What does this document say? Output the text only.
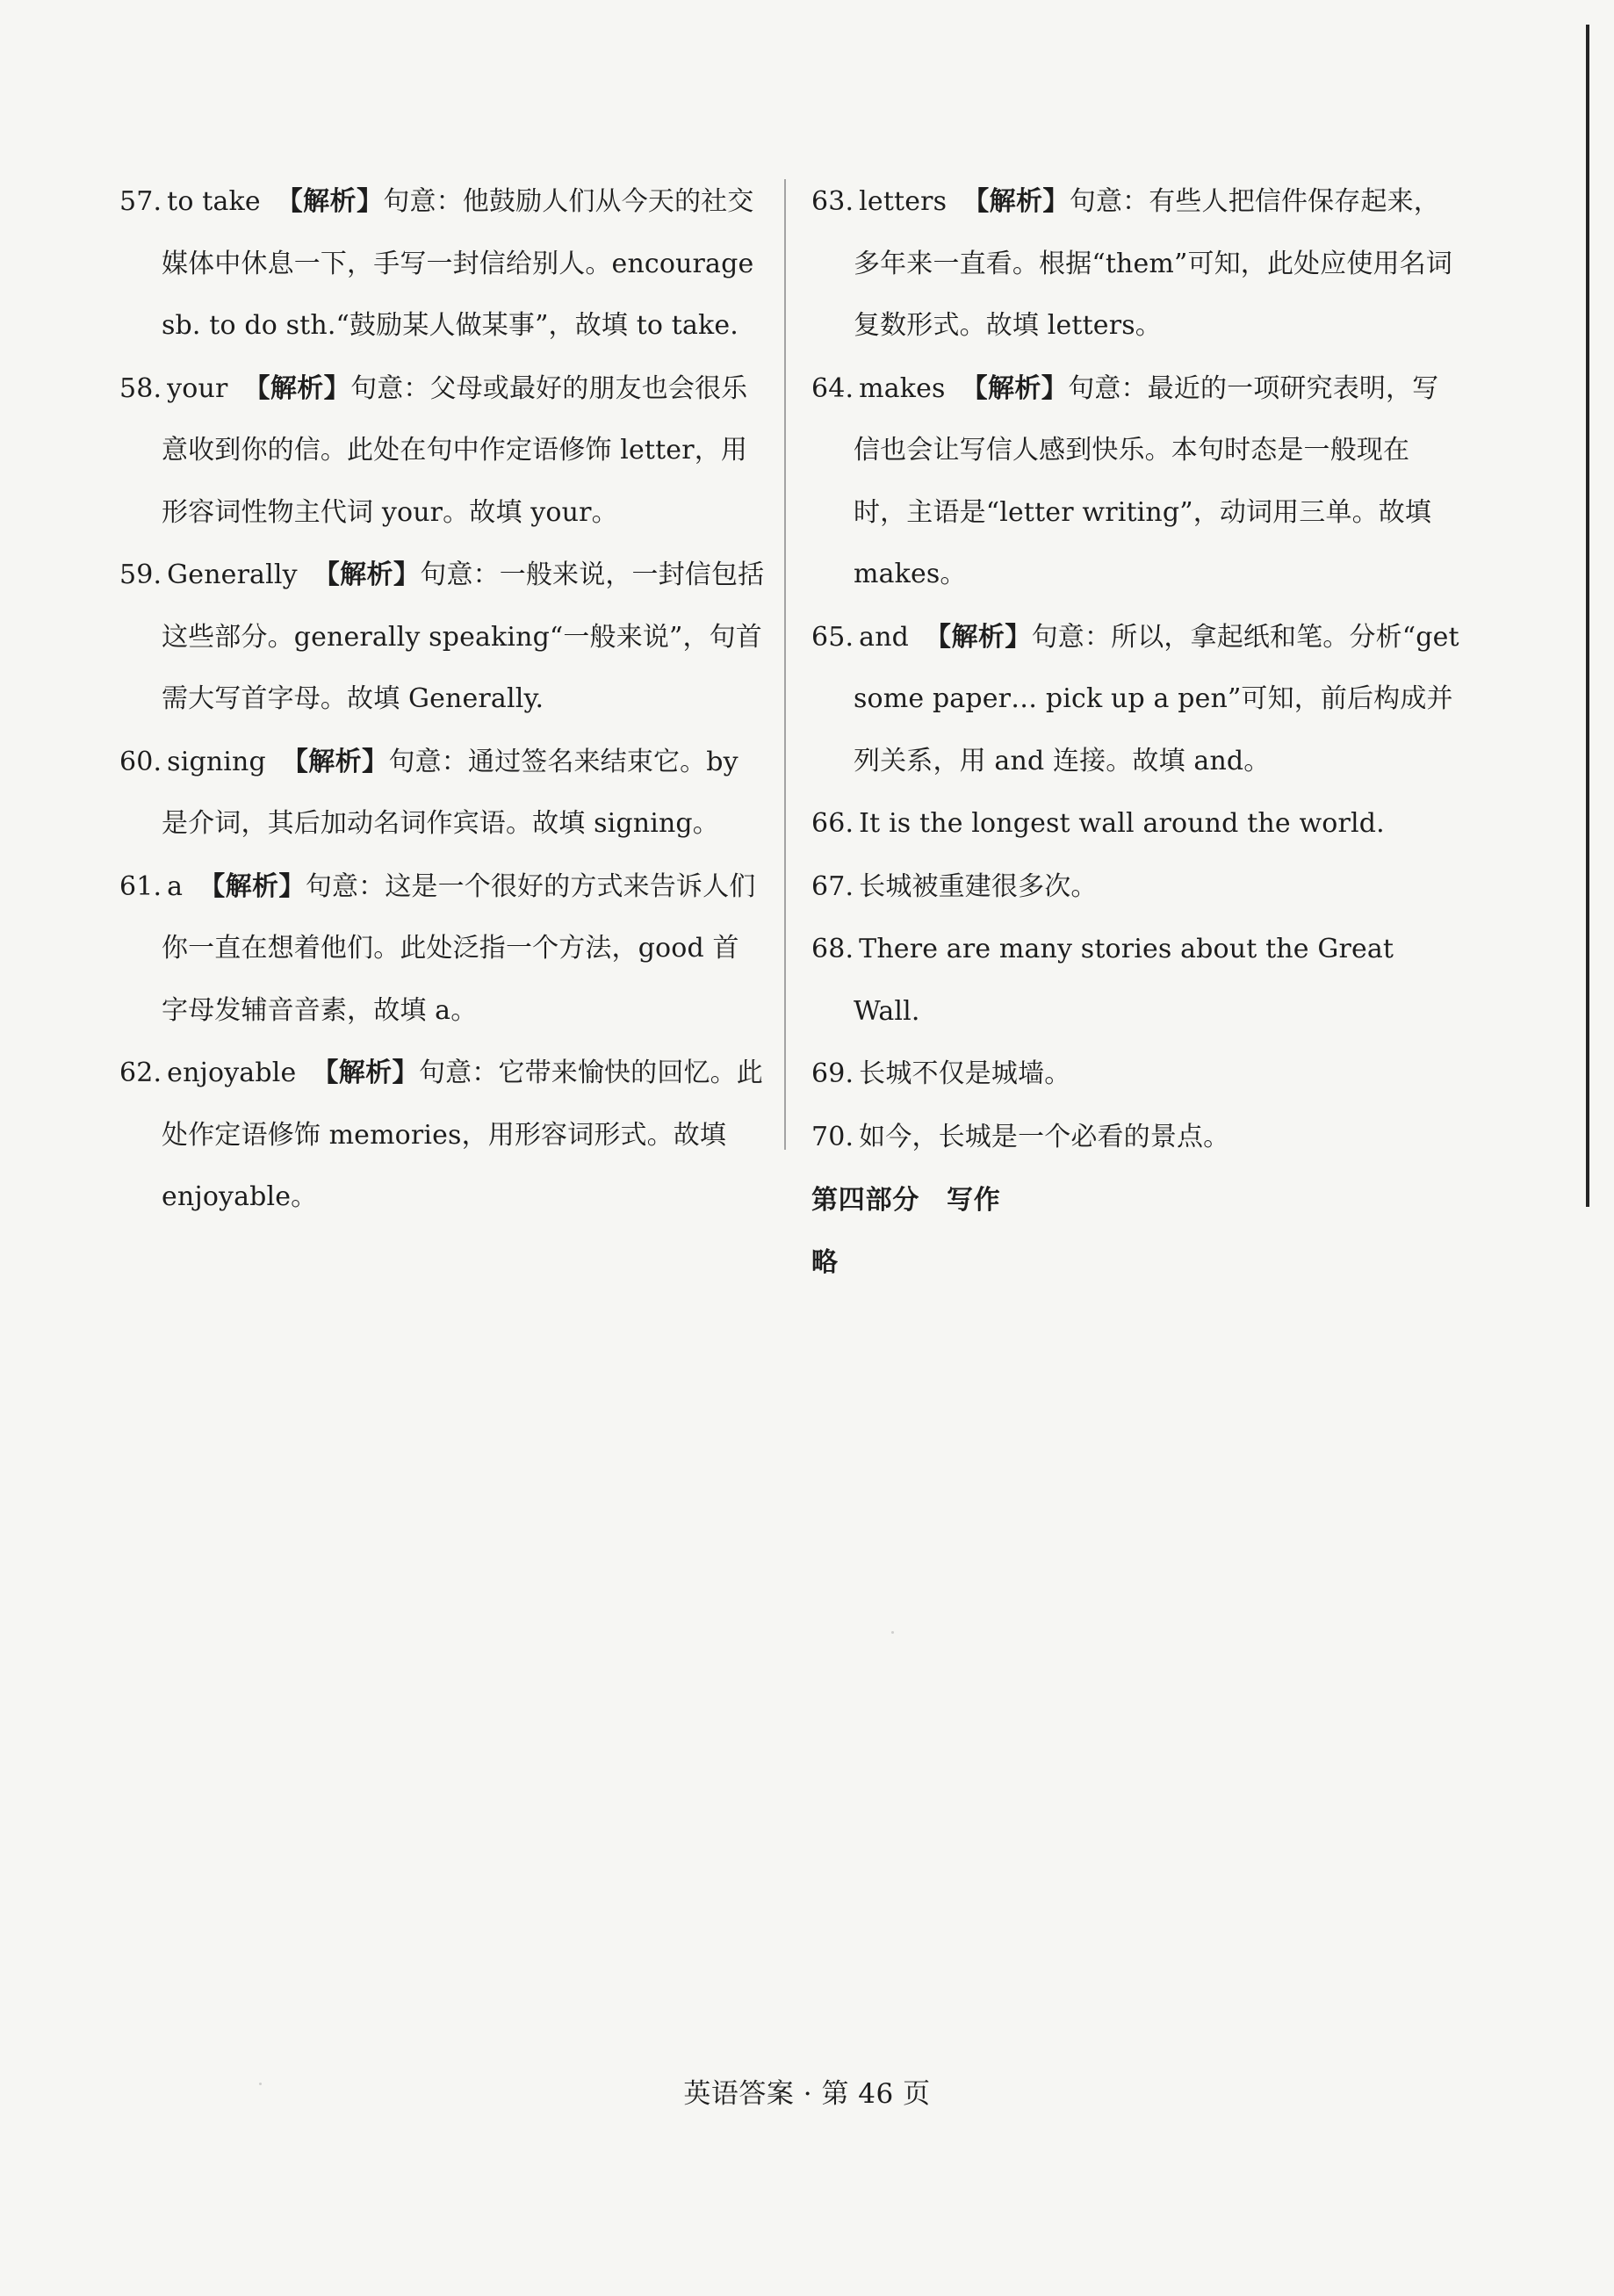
57. to take 【解析】句意：他鼓励人们从今天的社交媒体中休息一下，手写一封信给别人。encourage sb. to do sth.“鼓励某人做某事”，故填 to take.
58. your 【解析】句意：父母或最好的朋友也会很乐意收到你的信。此处在句中作定语修饰 letter，用形容词性物主代词 your。故填 your。
59. Generally 【解析】句意：一般来说，一封信包括这些部分。generally speaking“一般来说”，句首需大写首字母。故填 Generally.
60. signing 【解析】句意：通过签名来结束它。by 是介词，其后加动名词作宾语。故填 signing。
61. a 【解析】句意：这是一个很好的方式来告诉人们你一直在想着他们。此处泛指一个方法，good 首字母发辅音音素，故填 a。
62. enjoyable 【解析】句意：它带来愉快的回忆。此处作定语修饰 memories，用形容词形式。故填 enjoyable。
63. letters 【解析】句意：有些人把信件保存起来，多年来一直看。根据“them”可知，此处应使用名词复数形式。故填 letters。
64. makes 【解析】句意：最近的一项研究表明，写信也会让写信人感到快乐。本句时态是一般现在时，主语是“letter writing”，动词用三单。故填 makes。
65. and 【解析】句意：所以，拿起纸和笔。分析“get some paper… pick up a pen”可知，前后构成并列关系，用 and 连接。故填 and。
66. It is the longest wall around the world.
67. 长城被重建很多次。
68. There are many stories about the Great Wall.
69. 长城不仅是城墙。
70. 如今，长城是一个必看的景点。
第四部分　写作
略
英语答案 · 第 46 页
